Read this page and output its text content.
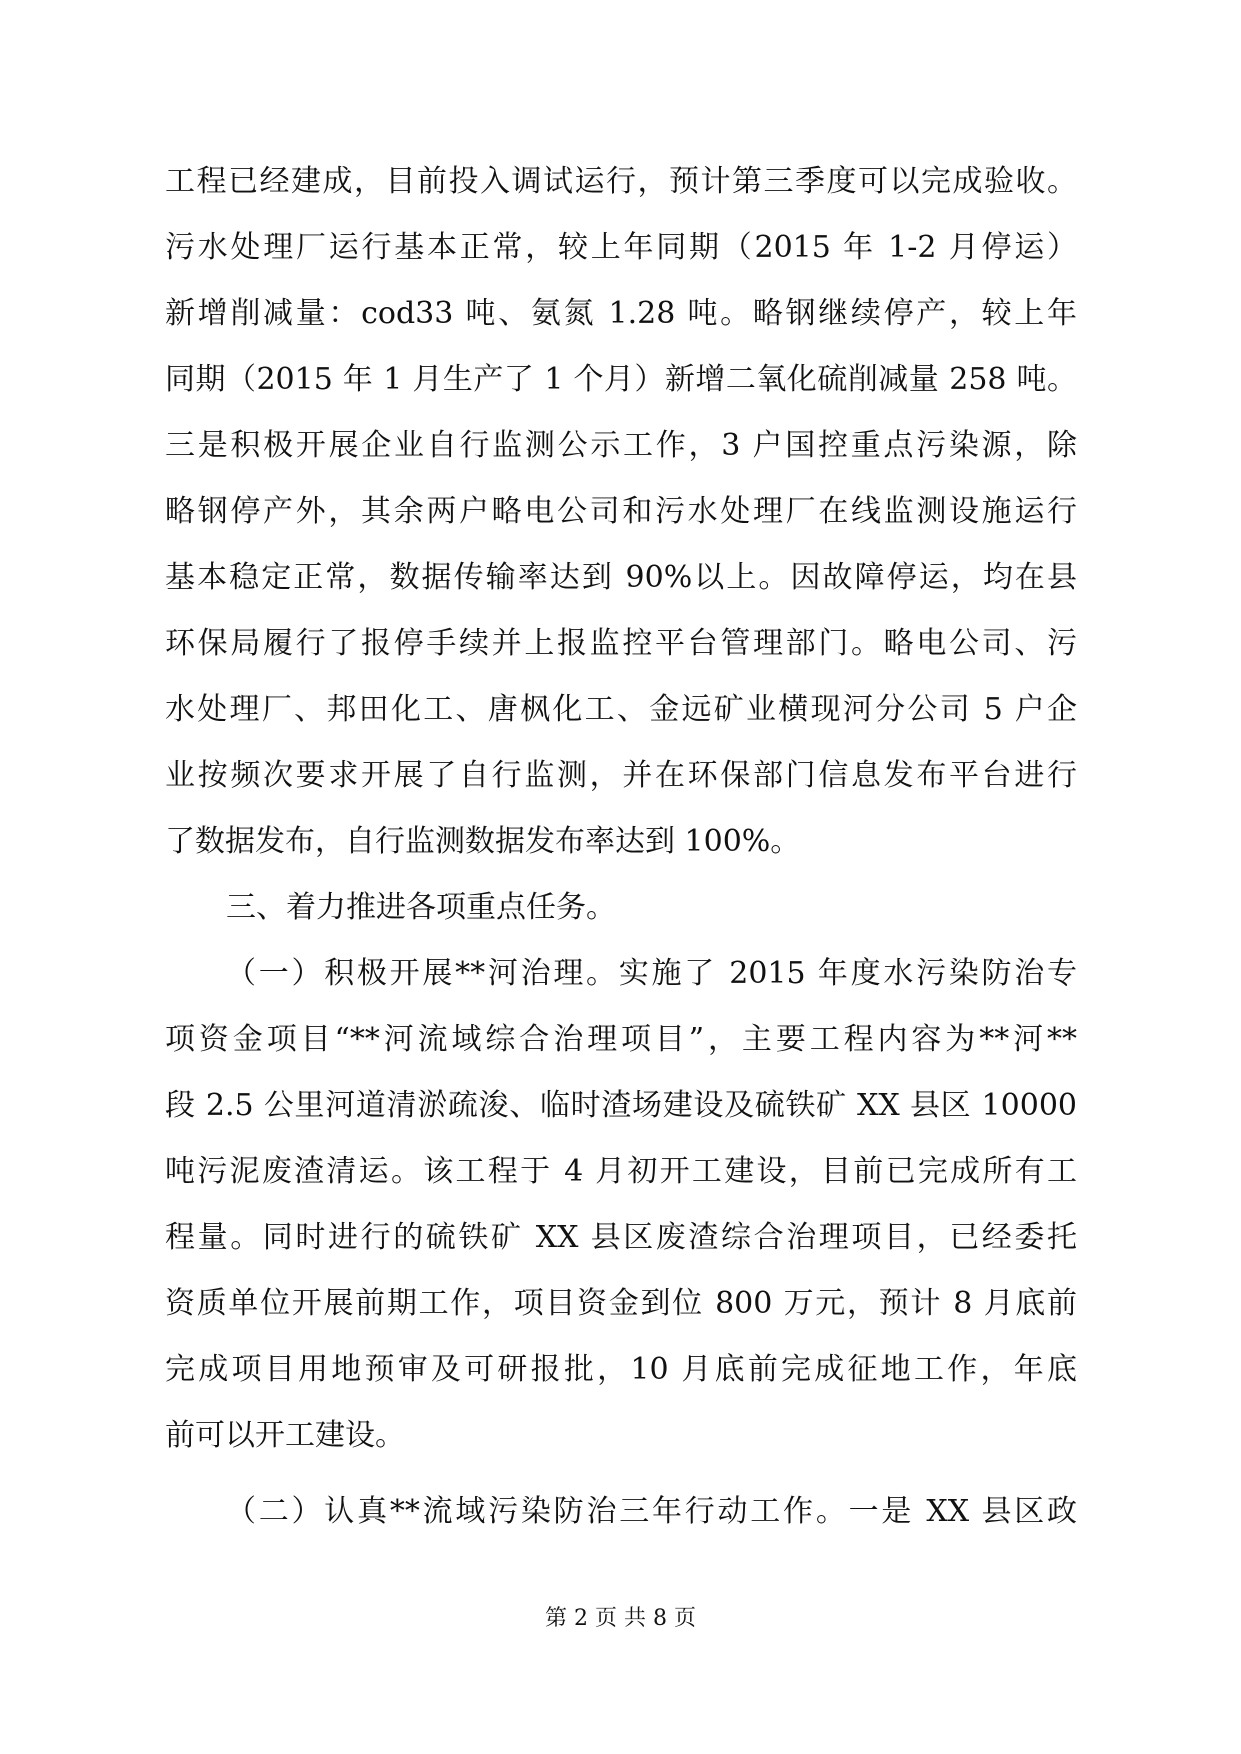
工程已经建成，目前投入调试运行，预计第三季度可以完成验收。
污水处理厂运行基本正常，较上年同期（2015 年 1-2 月停运）
新增削减量：cod33 吨、氨氮 1.28 吨。略钢继续停产，较上年
同期（2015 年 1 月生产了 1 个月）新增二氧化硫削减量 258 吨。
三是积极开展企业自行监测公示工作，3 户国控重点污染源，除
略钢停产外，其余两户略电公司和污水处理厂在线监测设施运行
基本稳定正常，数据传输率达到 90%以上。因故障停运，均在县
环保局履行了报停手续并上报监控平台管理部门。略电公司、污
水处理厂、邦田化工、唐枫化工、金远矿业横现河分公司 5 户企
业按频次要求开展了自行监测，并在环保部门信息发布平台进行
了数据发布，自行监测数据发布率达到 100%。
三、着力推进各项重点任务。
（一）积极开展**河治理。实施了 2015 年度水污染防治专
项资金项目“**河流域综合治理项目”，主要工程内容为**河**
段 2.5 公里河道清淤疏浚、临时渣场建设及硫铁矿 XX 县区 10000
吨污泥废渣清运。该工程于 4 月初开工建设，目前已完成所有工
程量。同时进行的硫铁矿 XX 县区废渣综合治理项目，已经委托
资质单位开展前期工作，项目资金到位 800 万元，预计 8 月底前
完成项目用地预审及可研报批，10 月底前完成征地工作，年底
前可以开工建设。
（二）认真**流域污染防治三年行动工作。一是 XX 县区政
第 2 页 共 8 页
